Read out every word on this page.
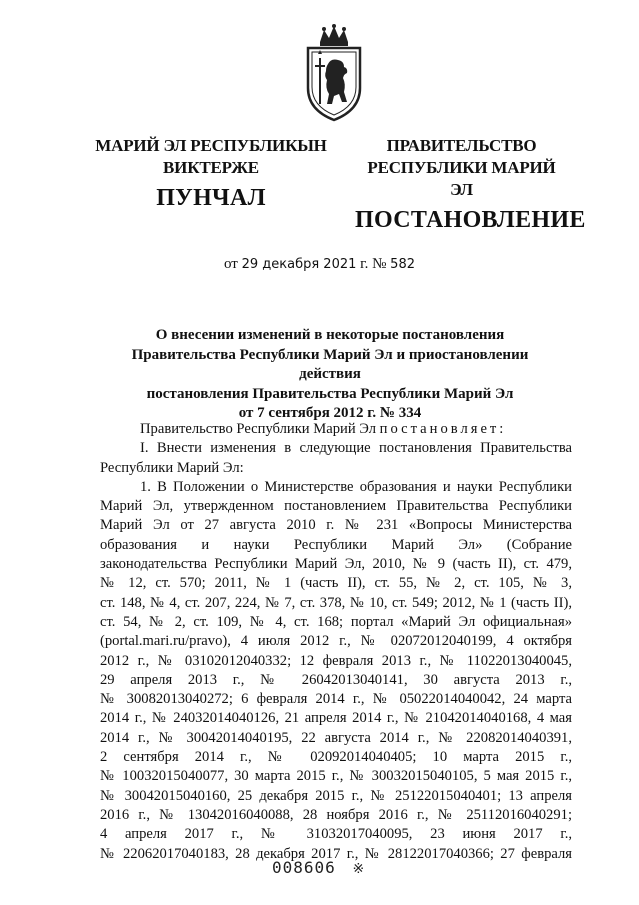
МАРИЙ ЭЛ РЕСПУБЛИКЫН
ВИКТЕРЖЕ
ПУНЧАЛ
ПРАВИТЕЛЬСТВО
РЕСПУБЛИКИ МАРИЙ ЭЛ
ПОСТАНОВЛЕНИЕ
от 29 декабря 2021 г. № 582
О внесении изменений в некоторые постановления
Правительства Республики Марий Эл и приостановлении действия
постановления Правительства Республики Марий Эл
от 7 сентября 2012 г. № 334
Правительство Республики Марий Эл постановляет:
I. Внести изменения в следующие постановления Правительства
Республики Марий Эл:
1. В Положении о Министерстве образования и науки Республики
Марий Эл, утвержденном постановлением Правительства Республики
Марий Эл от 27 августа 2010 г. № 231 «Вопросы Министерства
образования и науки Республики Марий Эл» (Собрание
законодательства Республики Марий Эл, 2010, № 9 (часть II), ст. 479,
№ 12, ст. 570; 2011, № 1 (часть II), ст. 55, № 2, ст. 105, № 3,
ст. 148, № 4, ст. 207, 224, № 7, ст. 378, № 10, ст. 549; 2012, № 1 (часть II),
ст. 54, № 2, ст. 109, № 4, ст. 168; портал «Марий Эл официальная»
(portal.mari.ru/pravo), 4 июля 2012 г., № 02072012040199, 4 октября
2012 г., № 03102012040332; 12 февраля 2013 г., № 11022013040045,
29 апреля 2013 г., № 26042013040141, 30 августа 2013 г.,
№ 30082013040272; 6 февраля 2014 г., № 05022014040042, 24 марта
2014 г., № 24032014040126, 21 апреля 2014 г., № 21042014040168, 4 мая
2014 г., № 30042014040195, 22 августа 2014 г., № 22082014040391,
2 сентября 2014 г., № 02092014040405; 10 марта 2015 г.,
№ 10032015040077, 30 марта 2015 г., № 30032015040105, 5 мая 2015 г.,
№ 30042015040160, 25 декабря 2015 г., № 25122015040401; 13 апреля
2016 г., № 13042016040088, 28 ноября 2016 г., № 25112016040291;
4 апреля 2017 г., № 31032017040095, 23 июня 2017 г.,
№ 22062017040183, 28 декабря 2017 г., № 28122017040366; 27 февраля
008606 ※
